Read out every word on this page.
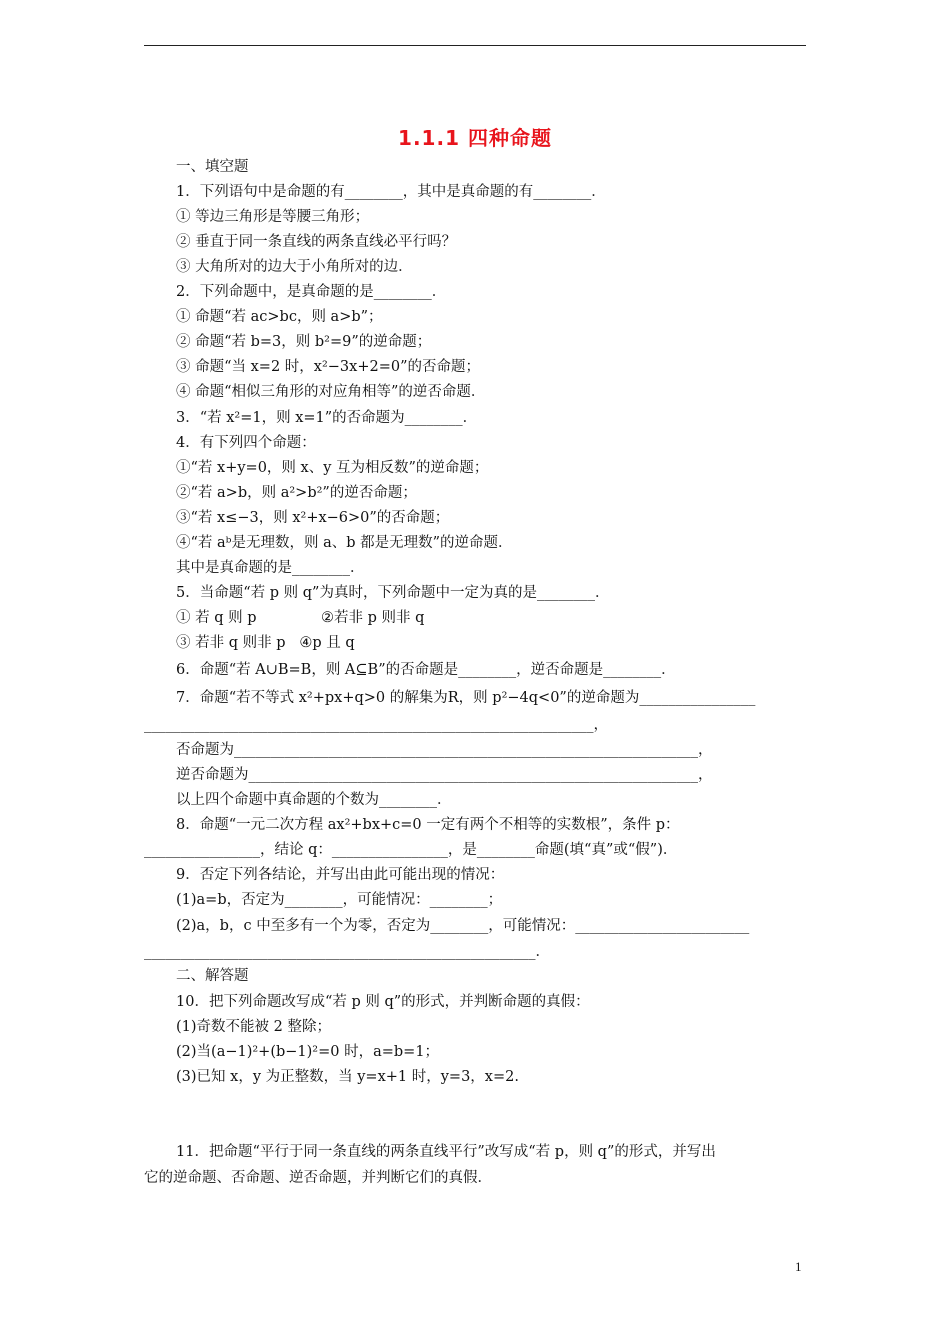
1.1.1 四种命题
一、填空题
1．下列语句中是命题的有________，其中是真命题的有________．
① 等边三角形是等腰三角形；
② 垂直于同一条直线的两条直线必平行吗？
③ 大角所对的边大于小角所对的边．
2．下列命题中，是真命题的是________．
① 命题“若 ac>bc，则 a>b”；
② 命题“若 b=3，则 b²=9”的逆命题；
③ 命题“当 x=2 时，x²−3x+2=0”的否命题；
④ 命题“相似三角形的对应角相等”的逆否命题．
3．“若 x²=1，则 x=1”的否命题为________．
4．有下列四个命题：
①“若 x+y=0，则 x、y 互为相反数”的逆命题；
②“若 a>b，则 a²>b²”的逆否命题；
③“若 x≤−3，则 x²+x−6>0”的否命题；
④“若 aᵇ是无理数，则 a、b 都是无理数”的逆命题．
其中是真命题的是________．
5．当命题“若 p 则 q”为真时，下列命题中一定为真的是________．
① 若 q 则 p              ②若非 p 则非 q
③ 若非 q 则非 p   ④p 且 q
6．命题“若 A∪B=B，则 A⊆B”的否命题是________，逆否命题是________．
7．命题“若不等式 x²+px+q>0 的解集为R，则 p²−4q<0”的逆命题为________________
______________________________________________________________，
否命题为________________________________________________________________，
逆否命题为______________________________________________________________，
以上四个命题中真命题的个数为________．
8．命题“一元二次方程 ax²+bx+c=0 一定有两个不相等的实数根”，条件 p：
________________，结论 q：________________，是________命题(填“真”或“假”)．
9．否定下列各结论，并写出由此可能出现的情况：
(1)a=b，否定为________，可能情况：________；
(2)a，b，c 中至多有一个为零，否定为________，可能情况：________________________
______________________________________________________．
二、解答题
10．把下列命题改写成“若 p 则 q”的形式，并判断命题的真假：
(1)奇数不能被 2 整除；
(2)当(a−1)²+(b−1)²=0 时，a=b=1；
(3)已知 x，y 为正整数，当 y=x+1 时，y=3，x=2.
11．把命题“平行于同一条直线的两条直线平行”改写成“若 p，则 q”的形式，并写出
它的逆命题、否命题、逆否命题，并判断它们的真假．
1
